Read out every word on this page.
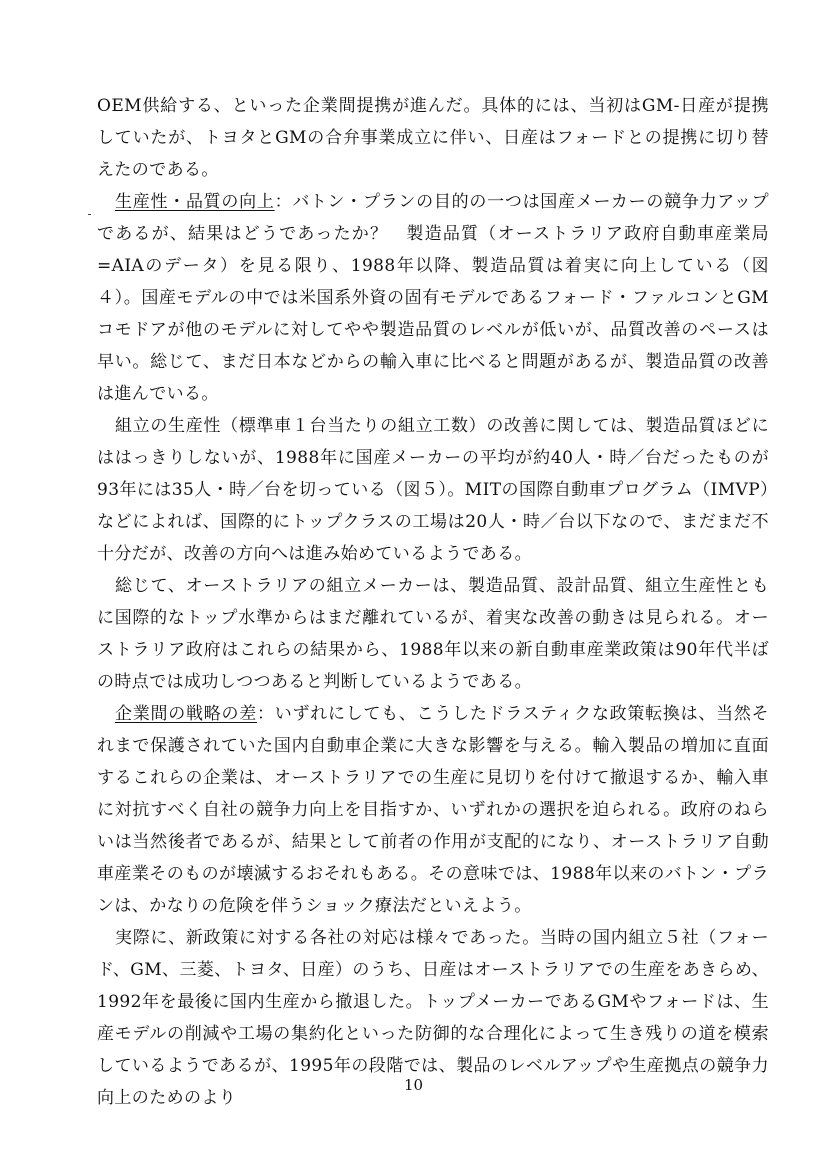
OEM供給する、といった企業間提携が進んだ。具体的には、当初はGM-日産が提携していたが、トヨタとGMの合弁事業成立に伴い、日産はフォードとの提携に切り替えたのである。

生産性・品質の向上：バトン・プランの目的の一つは国産メーカーの競争力アップであるが、結果はどうであったか？　製造品質（オーストラリア政府自動車産業局=AIAのデータ）を見る限り、1988年以降、製造品質は着実に向上している（図４）。国産モデルの中では米国系外資の固有モデルであるフォード・ファルコンとGMコモドアが他のモデルに対してやや製造品質のレベルが低いが、品質改善のペースは早い。総じて、まだ日本などからの輸入車に比べると問題があるが、製造品質の改善は進んでいる。

組立の生産性（標準車１台当たりの組立工数）の改善に関しては、製造品質ほどにははっきりしないが、1988年に国産メーカーの平均が約40人・時／台だったものが93年には35人・時／台を切っている（図５）。MITの国際自動車プログラム（IMVP）などによれば、国際的にトップクラスの工場は20人・時／台以下なので、まだまだ不十分だが、改善の方向へは進み始めているようである。

総じて、オーストラリアの組立メーカーは、製造品質、設計品質、組立生産性ともに国際的なトップ水準からはまだ離れているが、着実な改善の動きは見られる。オーストラリア政府はこれらの結果から、1988年以来の新自動車産業政策は90年代半ばの時点では成功しつつあると判断しているようである。

企業間の戦略の差：いずれにしても、こうしたドラスティクな政策転換は、当然それまで保護されていた国内自動車企業に大きな影響を与える。輸入製品の増加に直面するこれらの企業は、オーストラリアでの生産に見切りを付けて撤退するか、輸入車に対抗すべく自社の競争力向上を目指すか、いずれかの選択を迫られる。政府のねらいは当然後者であるが、結果として前者の作用が支配的になり、オーストラリア自動車産業そのものが壊滅するおそれもある。その意味では、1988年以来のバトン・プランは、かなりの危険を伴うショック療法だといえよう。

実際に、新政策に対する各社の対応は様々であった。当時の国内組立５社（フォード、GM、三菱、トヨタ、日産）のうち、日産はオーストラリアでの生産をあきらめ、1992年を最後に国内生産から撤退した。トップメーカーであるGMやフォードは、生産モデルの削減や工場の集約化といった防御的な合理化によって生き残りの道を模索しているようであるが、1995年の段階では、製品のレベルアップや生産拠点の競争力向上のためのより

10
